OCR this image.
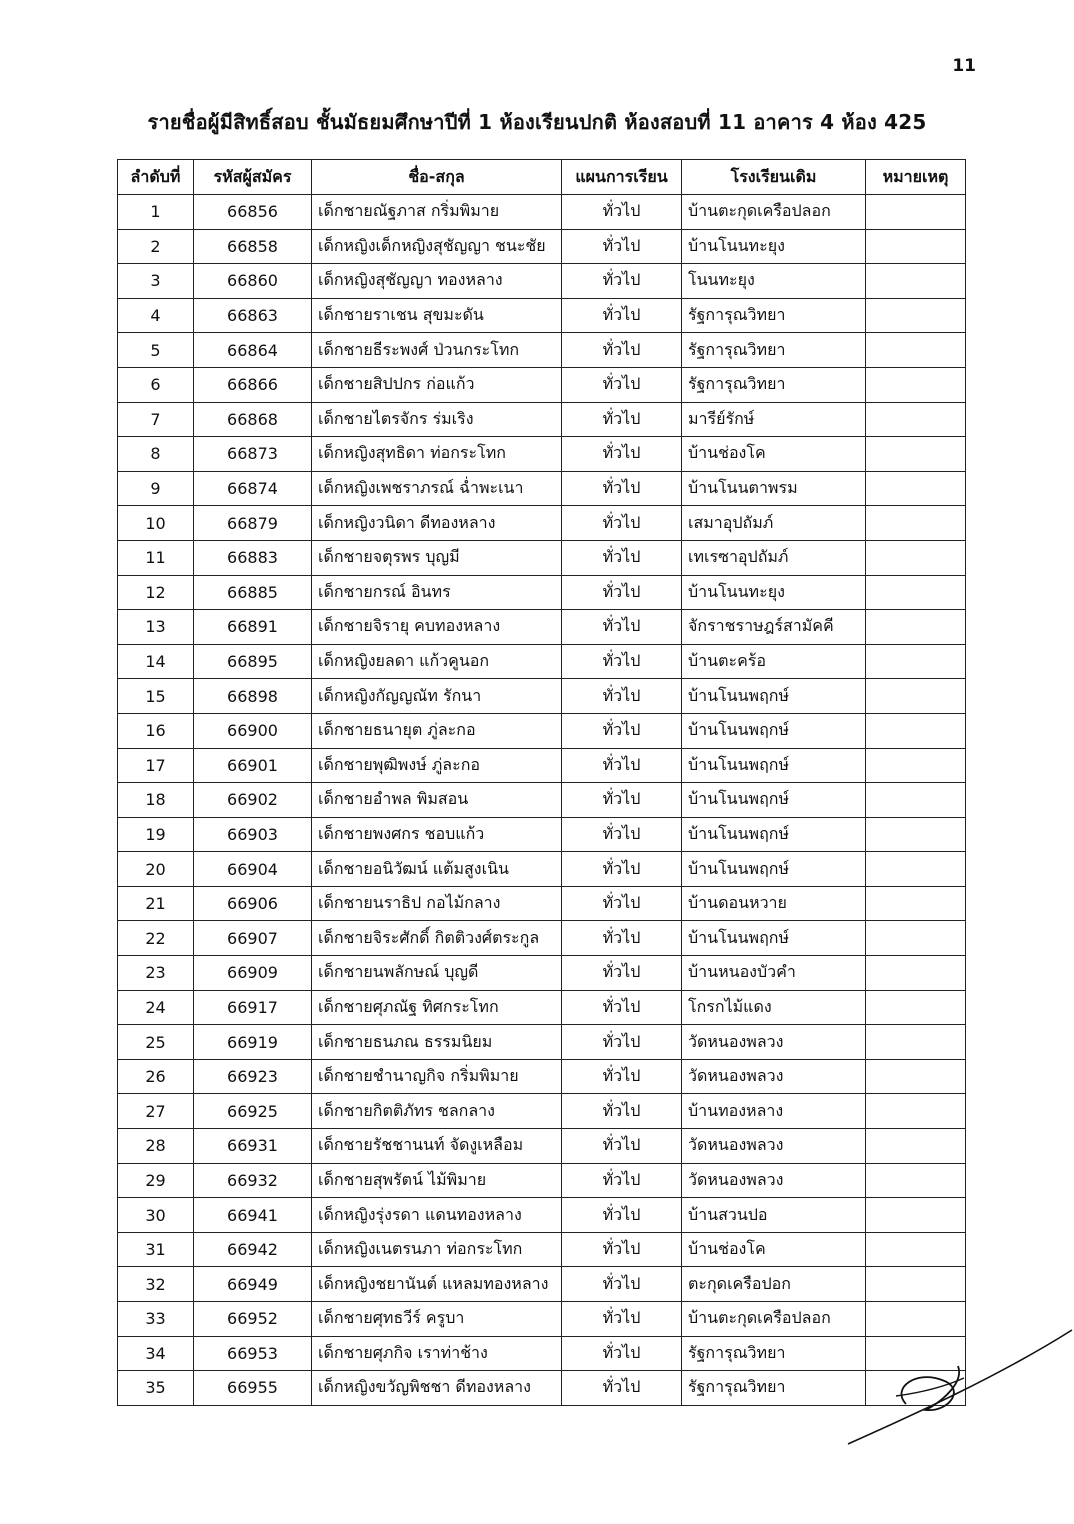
11
รายชื่อผู้มีสิทธิ์สอบ ชั้นมัธยมศึกษาปีที่ 1 ห้องเรียนปกติ ห้องสอบที่ 11 อาคาร 4 ห้อง 425
ลำดับที่	รหัสผู้สมัคร	ชื่อ-สกุล	แผนการเรียน	โรงเรียนเดิม	หมายเหตุ
1	66856	เด็กชายณัฐภาส กริ่มพิมาย	ทั่วไป	บ้านตะกุดเครือปลอก	
2	66858	เด็กหญิงเด็กหญิงสุชัญญา ชนะชัย	ทั่วไป	บ้านโนนทะยุง	
3	66860	เด็กหญิงสุชัญญา ทองหลาง	ทั่วไป	โนนทะยุง	
4	66863	เด็กชายราเชน สุขมะดัน	ทั่วไป	รัฐการุณวิทยา	
5	66864	เด็กชายธีระพงศ์ ป่วนกระโทก	ทั่วไป	รัฐการุณวิทยา	
6	66866	เด็กชายสิปปกร ก่อแก้ว	ทั่วไป	รัฐการุณวิทยา	
7	66868	เด็กชายไตรจักร ร่มเริง	ทั่วไป	มารีย์รักษ์	
8	66873	เด็กหญิงสุทธิดา ท่อกระโทก	ทั่วไป	บ้านช่องโค	
9	66874	เด็กหญิงเพชราภรณ์ ฉ่ำพะเนา	ทั่วไป	บ้านโนนตาพรม	
10	66879	เด็กหญิงวนิดา ดีทองหลาง	ทั่วไป	เสมาอุปถัมภ์	
11	66883	เด็กชายจตุรพร บุญมี	ทั่วไป	เทเรซาอุปถัมภ์	
12	66885	เด็กชายกรณ์ อินทร	ทั่วไป	บ้านโนนทะยุง	
13	66891	เด็กชายจิรายุ คบทองหลาง	ทั่วไป	จักราชราษฎร์สามัคคี	
14	66895	เด็กหญิงยลดา แก้วคูนอก	ทั่วไป	บ้านตะคร้อ	
15	66898	เด็กหญิงกัญญณัท รักนา	ทั่วไป	บ้านโนนพฤกษ์	
16	66900	เด็กชายธนายุต ภู่ละกอ	ทั่วไป	บ้านโนนพฤกษ์	
17	66901	เด็กชายพุฒิพงษ์ ภู่ละกอ	ทั่วไป	บ้านโนนพฤกษ์	
18	66902	เด็กชายอำพล พิมสอน	ทั่วไป	บ้านโนนพฤกษ์	
19	66903	เด็กชายพงศกร ชอบแก้ว	ทั่วไป	บ้านโนนพฤกษ์	
20	66904	เด็กชายอนิวัฒน์ แต้มสูงเนิน	ทั่วไป	บ้านโนนพฤกษ์	
21	66906	เด็กชายนราธิป กอไม้กลาง	ทั่วไป	บ้านดอนหวาย	
22	66907	เด็กชายจิระศักดิ์ กิตติวงศ์ตระกูล	ทั่วไป	บ้านโนนพฤกษ์	
23	66909	เด็กชายนพลักษณ์ บุญดี	ทั่วไป	บ้านหนองบัวคำ	
24	66917	เด็กชายศุภณัฐ ทิศกระโทก	ทั่วไป	โกรกไม้แดง	
25	66919	เด็กชายธนภณ ธรรมนิยม	ทั่วไป	วัดหนองพลวง	
26	66923	เด็กชายชำนาญกิจ กริ่มพิมาย	ทั่วไป	วัดหนองพลวง	
27	66925	เด็กชายกิตติภัทร ชลกลาง	ทั่วไป	บ้านทองหลาง	
28	66931	เด็กชายรัชชานนท์ จัดงูเหลือม	ทั่วไป	วัดหนองพลวง	
29	66932	เด็กชายสุพรัตน์ ไม้พิมาย	ทั่วไป	วัดหนองพลวง	
30	66941	เด็กหญิงรุ่งรดา แดนทองหลาง	ทั่วไป	บ้านสวนปอ	
31	66942	เด็กหญิงเนตรนภา ท่อกระโทก	ทั่วไป	บ้านช่องโค	
32	66949	เด็กหญิงชยานันต์ แหลมทองหลาง	ทั่วไป	ตะกุดเครือปอก	
33	66952	เด็กชายศุทธวีร์ ครูบา	ทั่วไป	บ้านตะกุดเครือปลอก	
34	66953	เด็กชายศุภกิจ เราท่าช้าง	ทั่วไป	รัฐการุณวิทยา	
35	66955	เด็กหญิงขวัญพิชชา ดีทองหลาง	ทั่วไป	รัฐการุณวิทยา	
